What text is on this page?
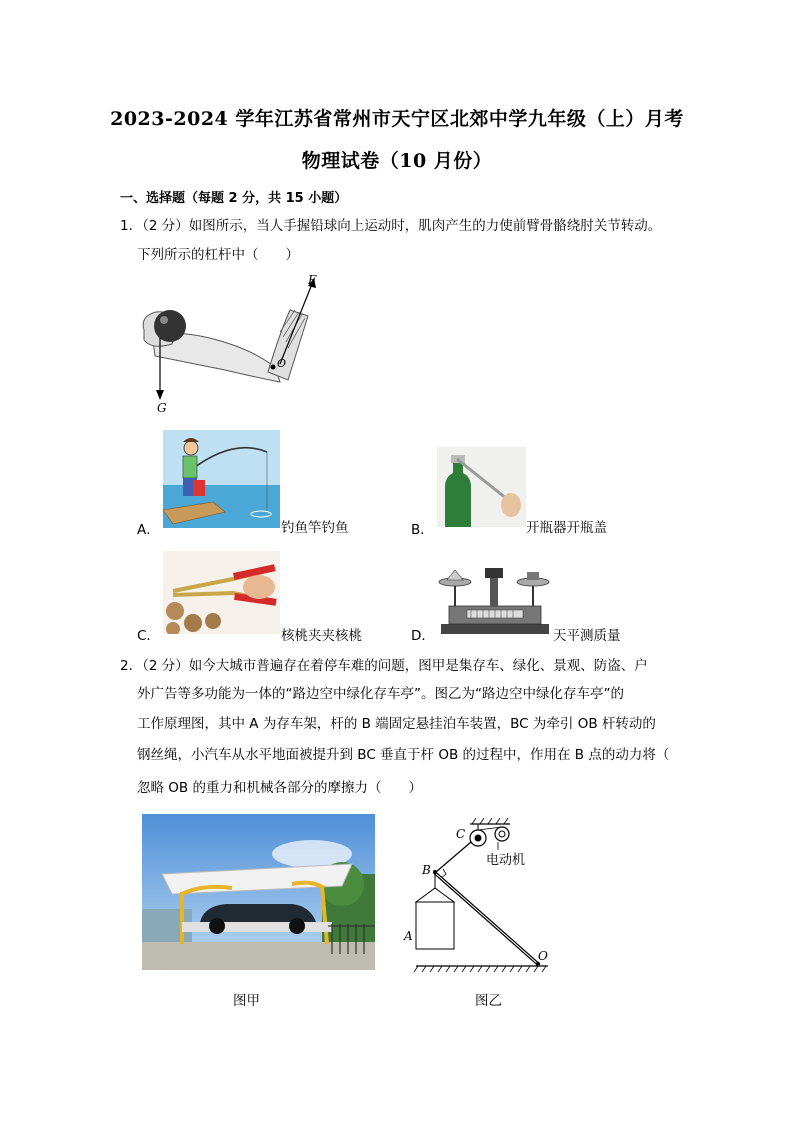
2023-2024 学年江苏省常州市天宁区北郊中学九年级（上）月考
物理试卷（10 月份）
一、选择题（每题 2 分，共 15 小题）
1．（2 分）如图所示，当人手握铅球向上运动时，肌肉产生的力使前臂骨骼绕肘关节转动。
下列所示的杠杆中（　　）
F
G
O
A．	钓鱼竿钓鱼	B．	开瓶器开瓶盖
C．	核桃夹夹核桃	D．	天平测质量
2．（2 分）如今大城市普遍存在着停车难的问题，图甲是集存车、绿化、景观、防盗、户
外广告等多功能为一体的“路边空中绿化存车亭”。图乙为“路边空中绿化存车亭”的
工作原理图，其中 A 为存车架，杆的 B 端固定悬挂泊车装置，BC 为牵引 OB 杆转动的
钢丝绳，小汽车从水平地面被提升到 BC 垂直于杆 OB 的过程中，作用在 B 点的动力将（
忽略 OB 的重力和机械各部分的摩擦力（　　）
图甲
C
B
A
O
电动机
图乙
